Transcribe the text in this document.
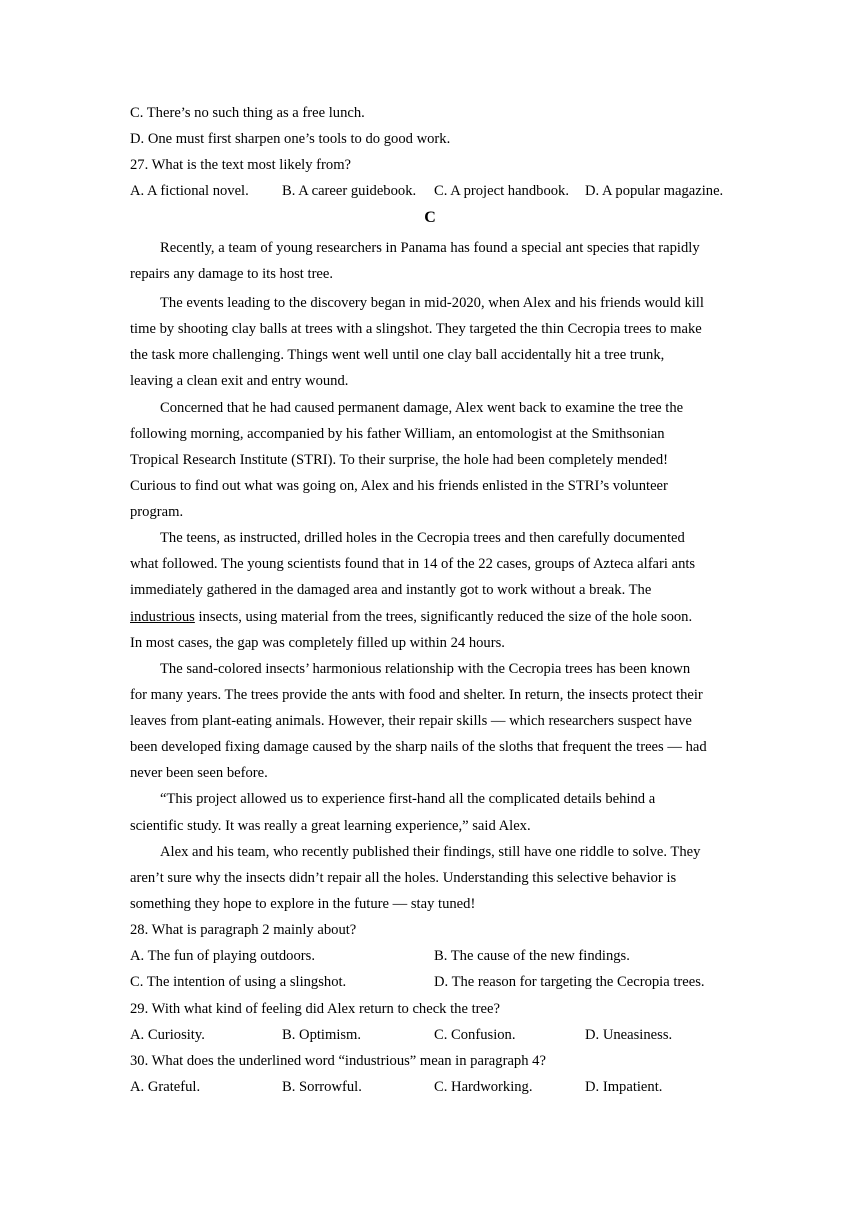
C. There’s no such thing as a free lunch.
D. One must first sharpen one’s tools to do good work.
27. What is the text most likely from?
A. A fictional novel. B. A career guidebook. C. A project handbook. D. A popular magazine.
C
Recently, a team of young researchers in Panama has found a special ant species that rapidly
repairs any damage to its host tree.
The events leading to the discovery began in mid-2020, when Alex and his friends would kill
time by shooting clay balls at trees with a slingshot. They targeted the thin Cecropia trees to make
the task more challenging. Things went well until one clay ball accidentally hit a tree trunk,
leaving a clean exit and entry wound.
Concerned that he had caused permanent damage, Alex went back to examine the tree the
following morning, accompanied by his father William, an entomologist at the Smithsonian
Tropical Research Institute (STRI). To their surprise, the hole had been completely mended!
Curious to find out what was going on, Alex and his friends enlisted in the STRI’s volunteer
program.
The teens, as instructed, drilled holes in the Cecropia trees and then carefully documented
what followed. The young scientists found that in 14 of the 22 cases, groups of Azteca alfari ants
immediately gathered in the damaged area and instantly got to work without a break. The
industrious insects, using material from the trees, significantly reduced the size of the hole soon.
In most cases, the gap was completely filled up within 24 hours.
The sand-colored insects’ harmonious relationship with the Cecropia trees has been known
for many years. The trees provide the ants with food and shelter. In return, the insects protect their
leaves from plant-eating animals. However, their repair skills — which researchers suspect have
been developed fixing damage caused by the sharp nails of the sloths that frequent the trees — had
never been seen before.
“This project allowed us to experience first-hand all the complicated details behind a
scientific study. It was really a great learning experience,” said Alex.
Alex and his team, who recently published their findings, still have one riddle to solve. They
aren’t sure why the insects didn’t repair all the holes. Understanding this selective behavior is
something they hope to explore in the future — stay tuned!
28. What is paragraph 2 mainly about?
A. The fun of playing outdoors.	B. The cause of the new findings.
C. The intention of using a slingshot.	D. The reason for targeting the Cecropia trees.
29. With what kind of feeling did Alex return to check the tree?
A. Curiosity.	B. Optimism.	C. Confusion.	D. Uneasiness.
30. What does the underlined word “industrious” mean in paragraph 4?
A. Grateful.	B. Sorrowful.	C. Hardworking.	D. Impatient.
